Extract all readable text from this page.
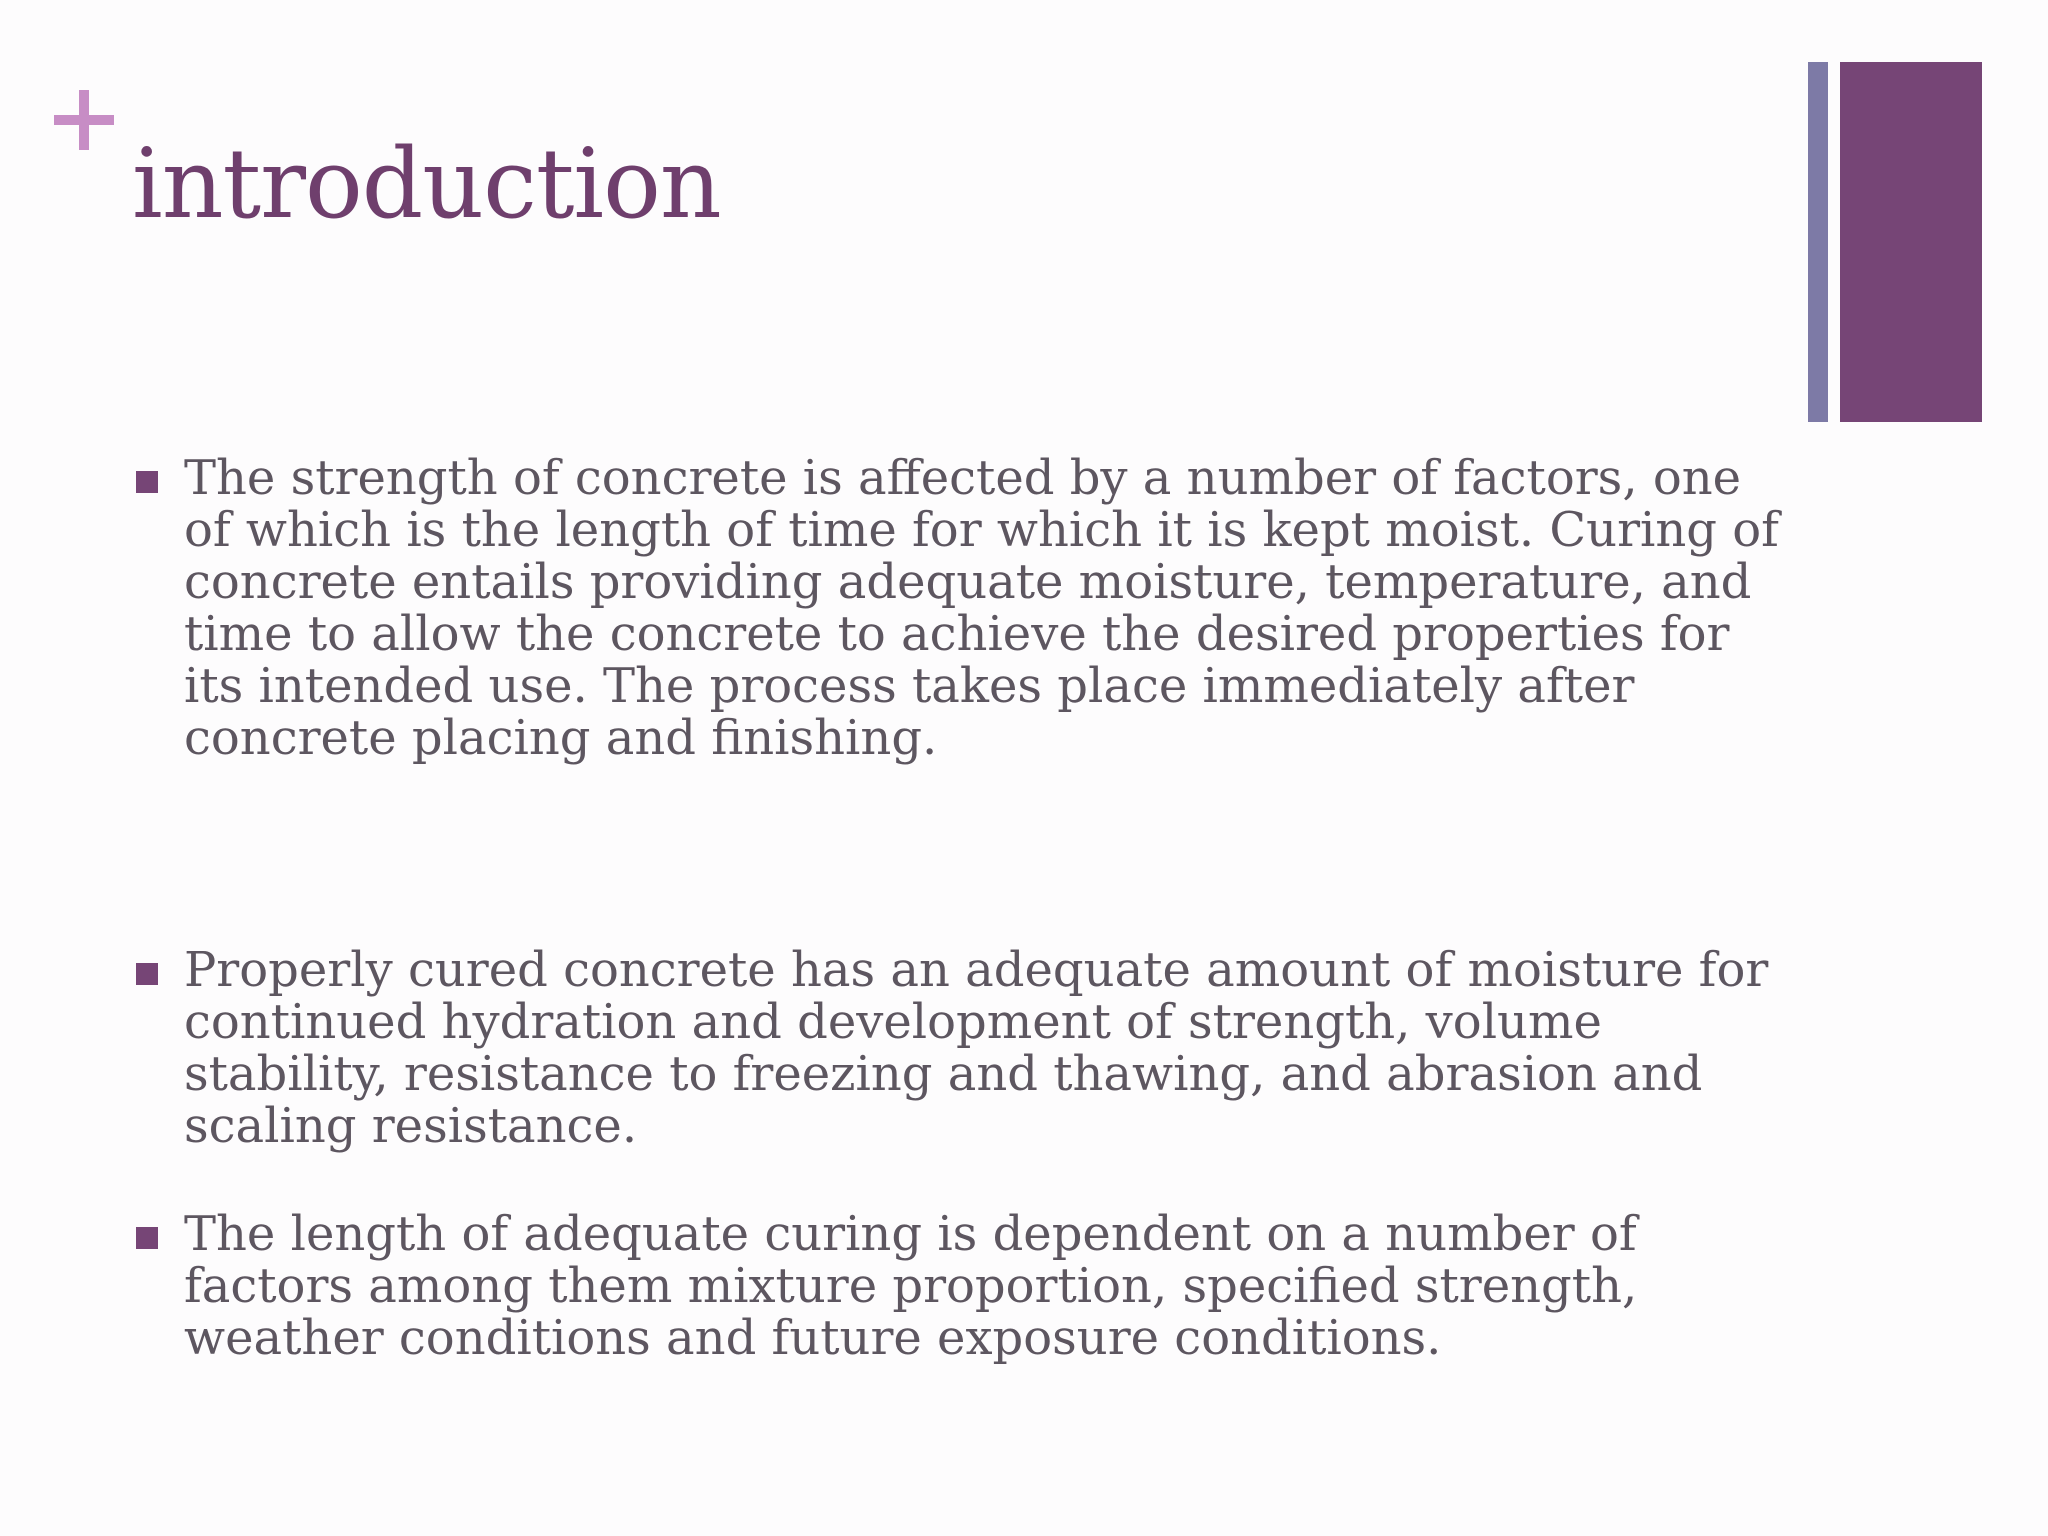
introduction
The strength of concrete is affected by a number of factors, one of which is the length of time for which it is kept moist. Curing of concrete entails providing adequate moisture, temperature, and time to allow the concrete to achieve the desired properties for its intended use. The process takes place immediately after concrete placing and finishing.
Properly cured concrete has an adequate amount of moisture for continued hydration and development of strength, volume stability, resistance to freezing and thawing, and abrasion and scaling resistance.
The length of adequate curing is dependent on a number of factors among them mixture proportion, specified strength, weather conditions and future exposure conditions.
